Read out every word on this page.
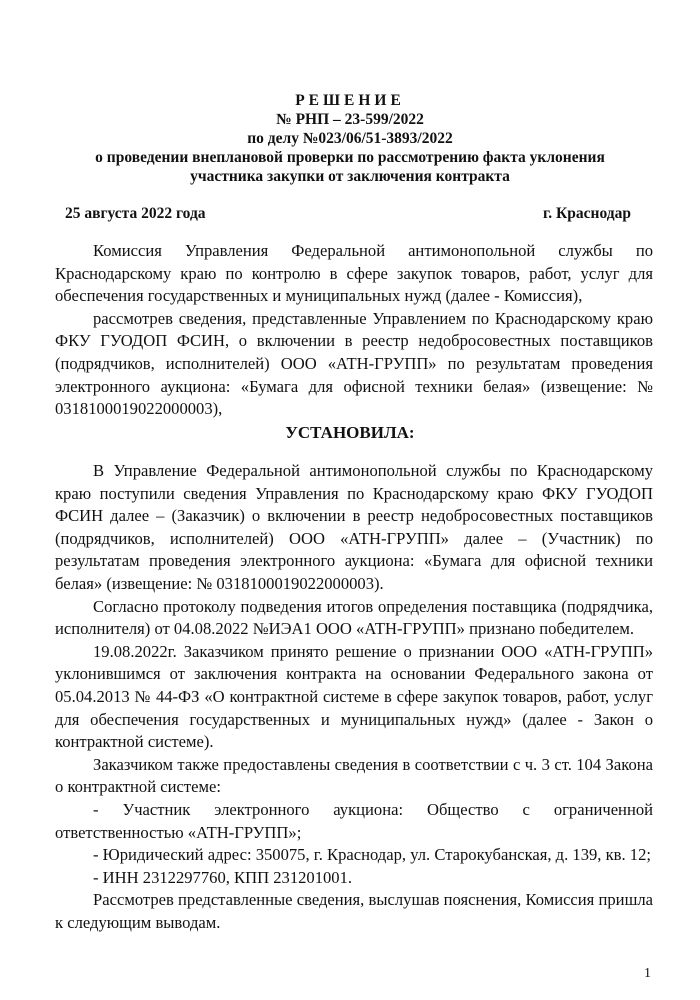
РЕШЕНИЕ
№ РНП – 23-599/2022
по делу №023/06/51-3893/2022
о проведении внеплановой проверки по рассмотрению факта уклонения
участника закупки от заключения контракта
25 августа 2022 года	г. Краснодар

Комиссия Управления Федеральной антимонопольной службы по Краснодарскому краю по контролю в сфере закупок товаров, работ, услуг для обеспечения государственных и муниципальных нужд (далее - Комиссия),

рассмотрев сведения, представленные Управлением по Краснодарскому краю ФКУ ГУОДОП ФСИН, о включении в реестр недобросовестных поставщиков (подрядчиков, исполнителей) ООО «АТН-ГРУПП» по результатам проведения электронного аукциона: «Бумага для офисной техники белая» (извещение: № 0318100019022000003),

УСТАНОВИЛА:

В Управление Федеральной антимонопольной службы по Краснодарскому краю поступили сведения Управления по Краснодарскому краю ФКУ ГУОДОП ФСИН далее – (Заказчик) о включении в реестр недобросовестных поставщиков (подрядчиков, исполнителей) ООО «АТН-ГРУПП» далее – (Участник) по результатам проведения электронного аукциона: «Бумага для офисной техники белая» (извещение: № 0318100019022000003).

Согласно протоколу подведения итогов определения поставщика (подрядчика, исполнителя) от 04.08.2022 №ИЭА1 ООО «АТН-ГРУПП» признано победителем.

19.08.2022г. Заказчиком принято решение о признании ООО «АТН-ГРУПП» уклонившимся от заключения контракта на основании Федерального закона от 05.04.2013 № 44-ФЗ «О контрактной системе в сфере закупок товаров, работ, услуг для обеспечения государственных и муниципальных нужд» (далее - Закон о контрактной системе).

Заказчиком также предоставлены сведения в соответствии с ч. 3 ст. 104 Закона о контрактной системе:

- Участник электронного аукциона: Общество с ограниченной ответственностью «АТН-ГРУПП»;

- Юридический адрес: 350075, г. Краснодар, ул. Старокубанская, д. 139, кв. 12;

- ИНН 2312297760, КПП 231201001.

Рассмотрев представленные сведения, выслушав пояснения, Комиссия пришла к следующим выводам.

1
